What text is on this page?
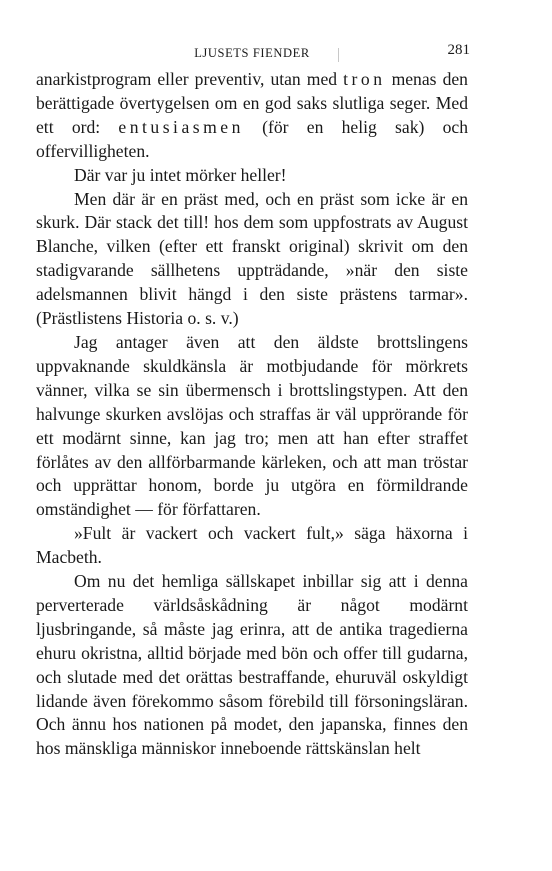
LJUSETS FIENDER	281

anarkistprogram eller preventiv, utan med tron menas den berättigade övertygelsen om en god saks slutliga seger. Med ett ord: entusiasmen (för en helig sak) och offervilligheten.

Där var ju intet mörker heller!

Men där är en präst med, och en präst som icke är en skurk. Där stack det till! hos dem som uppfostrats av August Blanche, vilken (efter ett franskt original) skrivit om den stadigvarande sällhetens uppträdande, »när den siste adelsmannen blivit hängd i den siste prästens tarmar». (Prästlistens Historia o. s. v.)

Jag antager även att den äldste brottslingens uppvaknande skuldkänsla är motbjudande för mörkrets vänner, vilka se sin übermensch i brottslingstypen. Att den halvunge skurken avslöjas och straffas är väl upprörande för ett modärnt sinne, kan jag tro; men att han efter straffet förlåtes av den allförbarmande kärleken, och att man tröstar och upprättar honom, borde ju utgöra en förmildrande omständighet — för författaren.

»Fult är vackert och vackert fult,» säga häxorna i Macbeth.

Om nu det hemliga sällskapet inbillar sig att i denna perverterade världsåskådning är något modärnt ljusbringande, så måste jag erinra, att de antika tragedierna ehuru okristna, alltid började med bön och offer till gudarna, och slutade med det orättas bestraffande, ehuruväl oskyldigt lidande även förekommo såsom förebild till försoningsläran. Och ännu hos nationen på modet, den japanska, finnes den hos mänskliga människor inneboende rättskänslan helt
